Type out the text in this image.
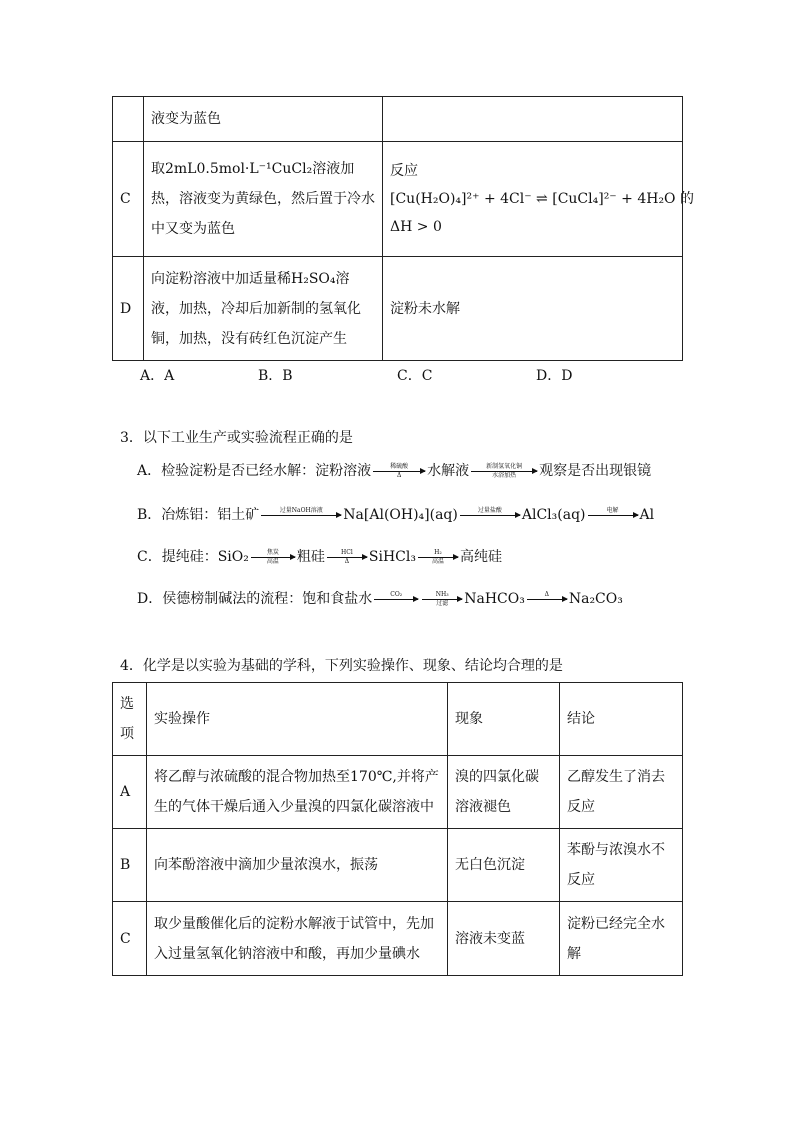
	液变为蓝色	
C	取2mL0.5mol·L⁻¹CuCl₂溶液加热，溶液变为黄绿色，然后置于冷水中又变为蓝色	反应
[Cu(H₂O)₄]²⁺ + 4Cl⁻ ⇌ [CuCl₄]²⁻ + 4H₂O 的
ΔH > 0

D	向淀粉溶液中加适量稀H₂SO₄溶液，加热，冷却后加新制的氢氧化铜，加热，没有砖红色沉淀产生	淀粉未水解
A．A	B．B	C．C	D．D
3．以下工业生产或实验流程正确的是
A．检验淀粉是否已经水解：淀粉溶液	稀硫酸
Δ	水解液	新制氢氧化铜
水浴加热	观察是否出现银镜
B．冶炼铝：铝土矿	过量NaOH溶液	Na[Al(OH)₄](aq)	过量盐酸	AlCl₃(aq)	电解	Al
C．提纯硅：SiO₂	焦炭
高温	粗硅	HCl
Δ	SiHCl₃	H₂
高温	高纯硅
D．侯德榜制碱法的流程：饱和食盐水	CO₂	NH₃
过滤	NaHCO₃	Δ	Na₂CO₃
4．化学是以实验为基础的学科，下列实验操作、现象、结论均合理的是
选项	实验操作	现象	结论
A	将乙醇与浓硫酸的混合物加热至170℃,并将产生的气体干燥后通入少量溴的四氯化碳溶液中	溴的四氯化碳溶液褪色	乙醇发生了消去反应
B	向苯酚溶液中滴加少量浓溴水，振荡	无白色沉淀	苯酚与浓溴水不反应
C	取少量酸催化后的淀粉水解液于试管中，先加入过量氢氧化钠溶液中和酸，再加少量碘水	溶液未变蓝	淀粉已经完全水解
